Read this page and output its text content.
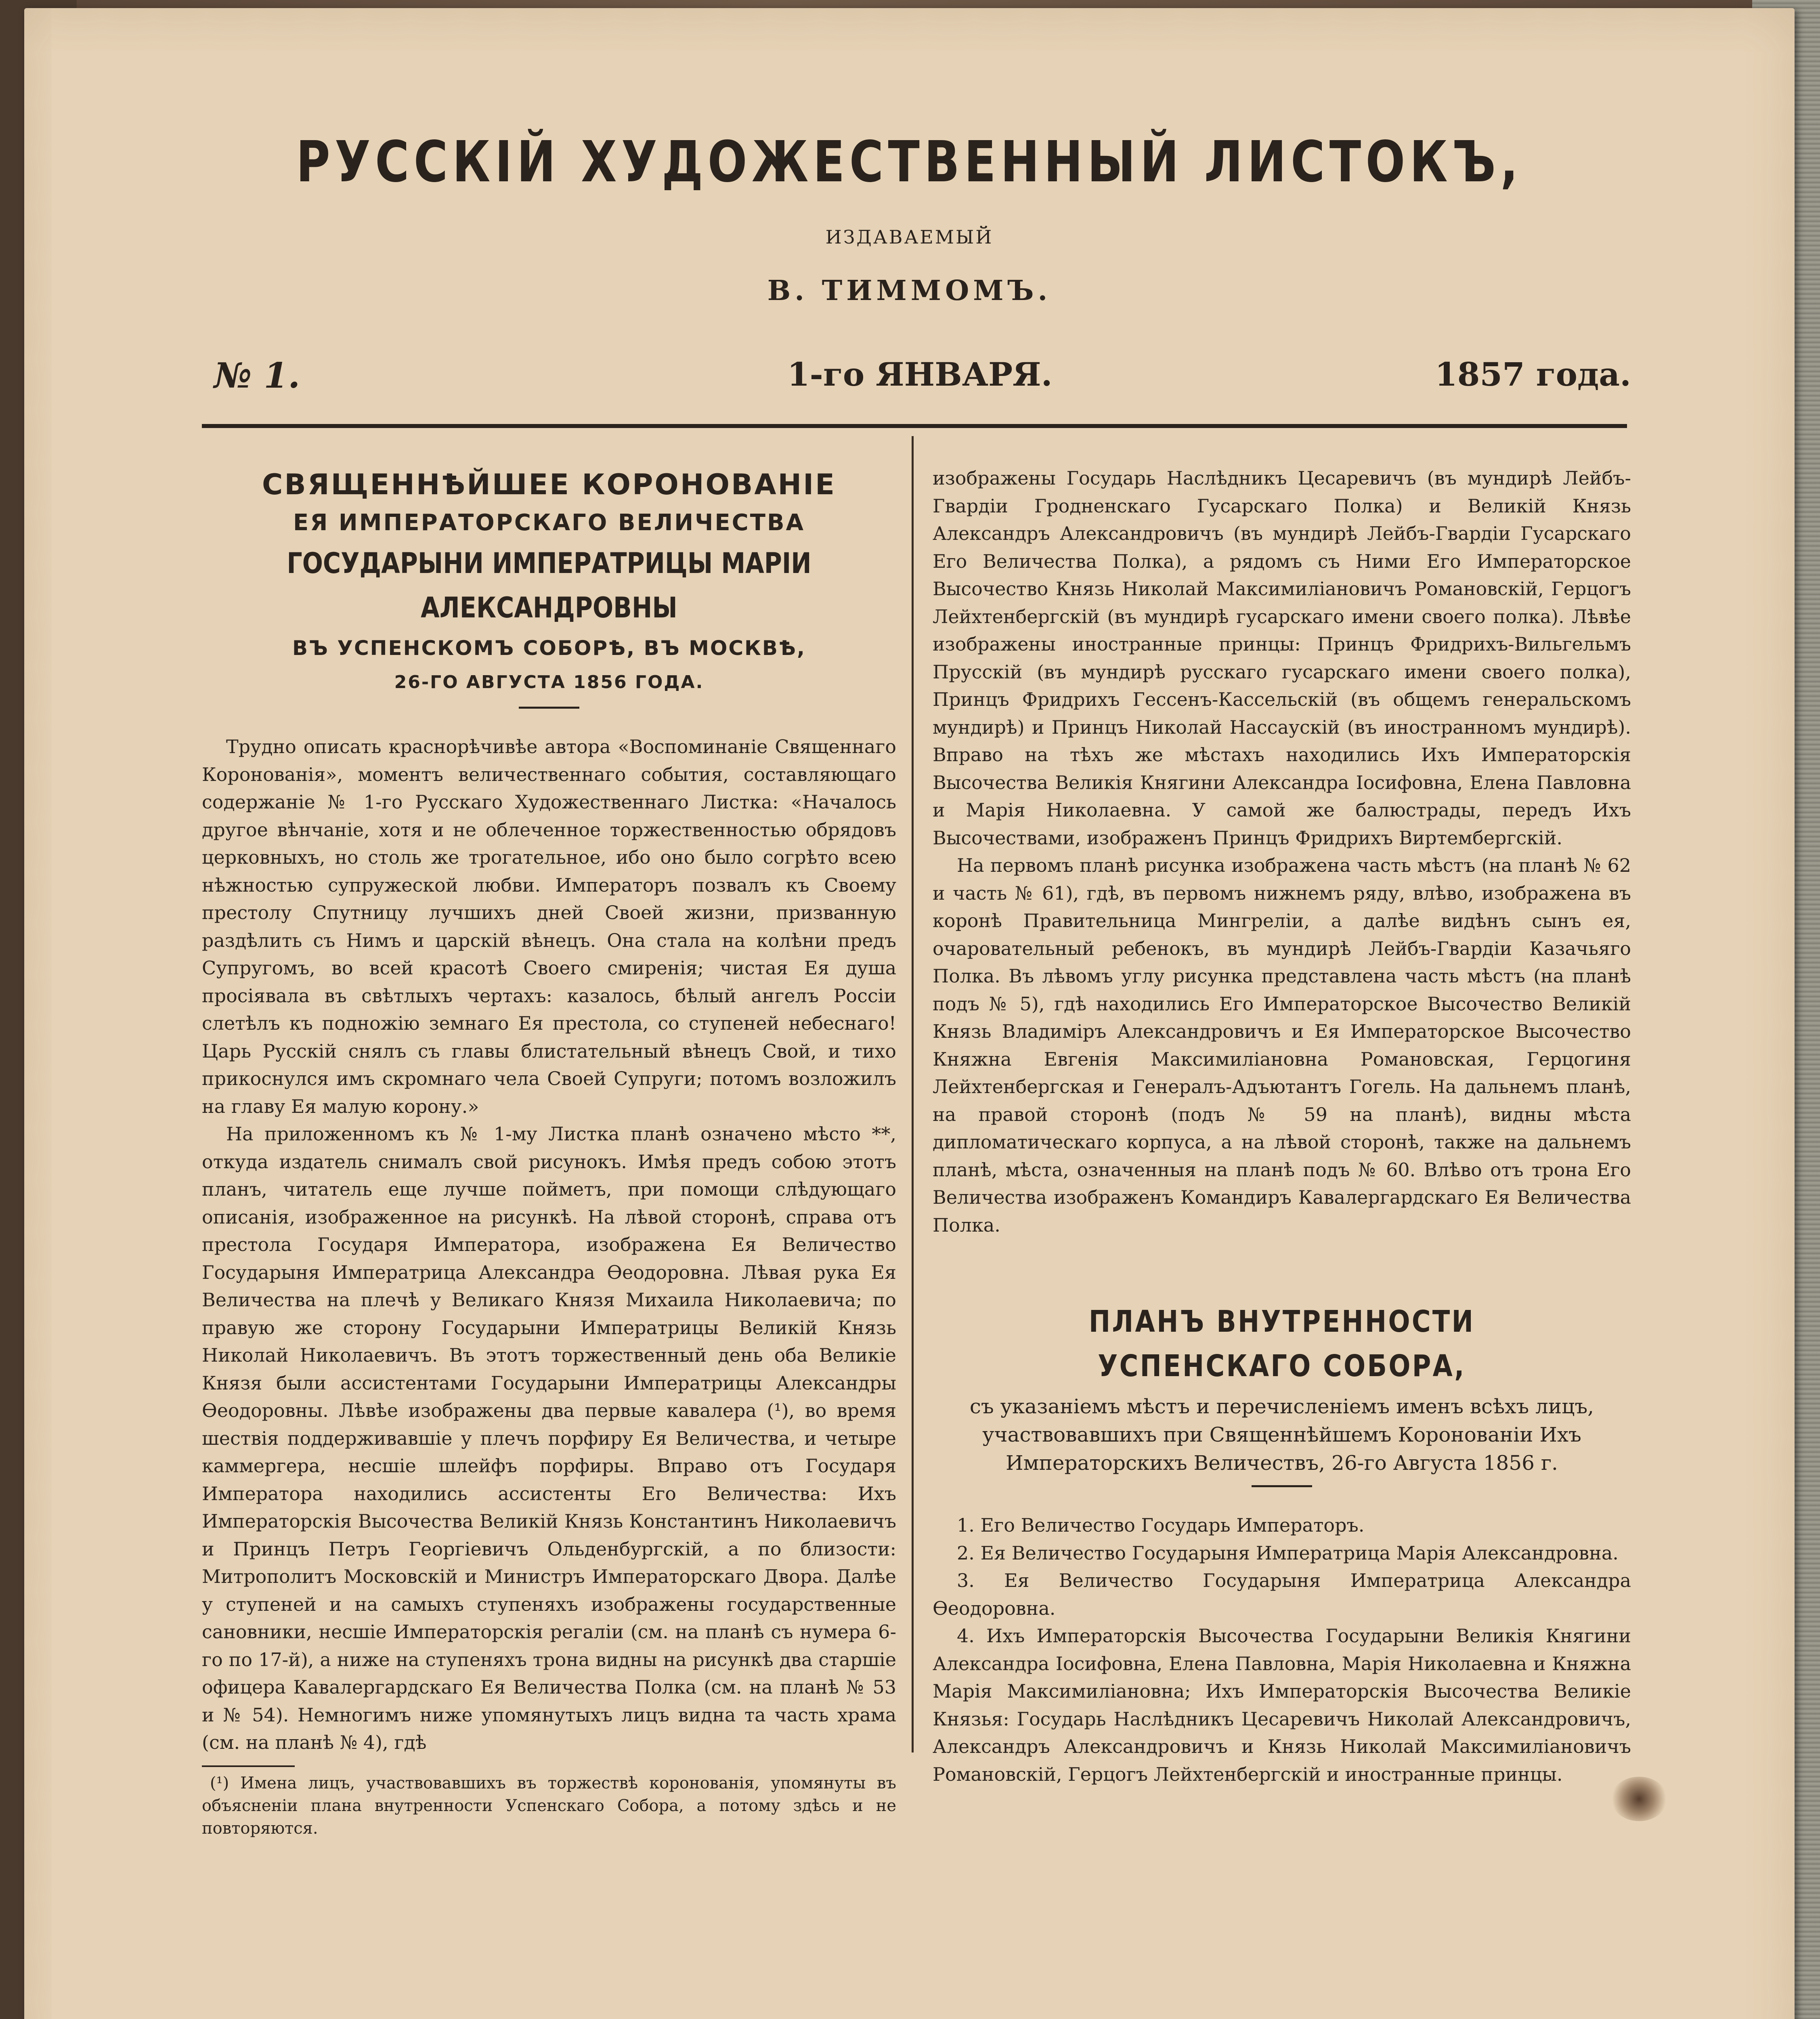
РУССКІЙ ХУДОЖЕСТВЕННЫЙ ЛИСТОКЪ,
ИЗДАВАЕМЫЙ
В. ТИММОМЪ.
№ 1.	1-го ЯНВАРЯ.	1857 года.
СВЯЩЕННѢЙШЕЕ КОРОНОВАНІЕ
ЕЯ ИМПЕРАТОРСКАГО ВЕЛИЧЕСТВА
ГОСУДАРЫНИ ИМПЕРАТРИЦЫ МАРІИ АЛЕКСАНДРОВНЫ
ВЪ УСПЕНСКОМЪ СОБОРѢ, ВЪ МОСКВѢ,
26-ГО АВГУСТА 1856 ГОДА.

Трудно описать краснорѣчивѣе автора «Воспоминаніе Священнаго Коронованія», моментъ величественнаго события, составляющаго содержаніе № 1-го Русскаго Художественнаго Листка: «Началось другое вѣнчаніе, хотя и не облеченное торжественностью обрядовъ церковныхъ, но столь же трогательное, ибо оно было согрѣто всею нѣжностью супружеской любви. Императоръ позвалъ къ Своему престолу Спутницу лучшихъ дней Своей жизни, призванную раздѣлить съ Нимъ и царскій вѣнецъ. Она стала на колѣни предъ Супругомъ, во всей красотѣ Своего смиренія; чистая Ея душа просіявала въ свѣтлыхъ чертахъ: казалось, бѣлый ангелъ Россіи слетѣлъ къ подножію земнаго Ея престола, со ступеней небеснаго! Царь Русскій снялъ съ главы блистательный вѣнецъ Свой, и тихо прикоснулся имъ скромнаго чела Своей Супруги; потомъ возложилъ на главу Ея малую корону.»

На приложенномъ къ № 1-му Листка планѣ означено мѣсто **, откуда издатель снималъ свой рисунокъ. Имѣя предъ собою этотъ планъ, читатель еще лучше пойметъ, при помощи слѣдующаго описанія, изображенное на рисункѣ. На лѣвой сторонѣ, справа отъ престола Государя Императора, изображена Ея Величество Государыня Императрица Александра Ѳеодоровна. Лѣвая рука Ея Величества на плечѣ у Великаго Князя Михаила Николаевича; по правую же сторону Государыни Императрицы Великій Князь Николай Николаевичъ. Въ этотъ торжественный день оба Великіе Князя были ассистентами Государыни Императрицы Александры Ѳеодоровны. Лѣвѣе изображены два первые кавалера (¹), во время шествія поддерживавшіе у плечъ порфиру Ея Величества, и четыре каммергера, несшіе шлейфъ порфиры. Вправо отъ Государя Императора находились ассистенты Его Величества: Ихъ Императорскія Высочества Великій Князь Константинъ Николаевичъ и Принцъ Петръ Георгіевичъ Ольденбургскій, а по близости: Митрополитъ Московскій и Министръ Императорскаго Двора. Далѣе у ступеней и на самыхъ ступеняхъ изображены государственные сановники, несшіе Императорскія регаліи (см. на планѣ съ нумера 6-го по 17-й), а ниже на ступеняхъ трона видны на рисункѣ два старшіе офицера Кавалергардскаго Ея Величества Полка (см. на планѣ № 53 и № 54). Немногимъ ниже упомянутыхъ лицъ видна та часть храма (см. на планѣ № 4), гдѣ

(¹) Имена лицъ, участвовавшихъ въ торжествѣ коронованія, упомянуты въ объясненіи плана внутренности Успенскаго Собора, а потому здѣсь и не повторяются.

изображены Государь Наслѣдникъ Цесаревичъ (въ мундирѣ Лейбъ-Гвардіи Гродненскаго Гусарскаго Полка) и Великій Князь Александръ Александровичъ (въ мундирѣ Лейбъ-Гвардіи Гусарскаго Его Величества Полка), а рядомъ съ Ними Его Императорское Высочество Князь Николай Максимиліановичъ Романовскій, Герцогъ Лейхтенбергскій (въ мундирѣ гусарскаго имени своего полка). Лѣвѣе изображены иностранные принцы: Принцъ Фридрихъ-Вильгельмъ Прусскій (въ мундирѣ русскаго гусарскаго имени своего полка), Принцъ Фридрихъ Гессенъ-Кассельскій (въ общемъ генеральскомъ мундирѣ) и Принцъ Николай Нассаускій (въ иностранномъ мундирѣ). Вправо на тѣхъ же мѣстахъ находились Ихъ Императорскія Высочества Великія Княгини Александра Іосифовна, Елена Павловна и Марія Николаевна. У самой же балюстрады, передъ Ихъ Высочествами, изображенъ Принцъ Фридрихъ Виртембергскій.

На первомъ планѣ рисунка изображена часть мѣстъ (на планѣ № 62 и часть № 61), гдѣ, въ первомъ нижнемъ ряду, влѣво, изображена въ коронѣ Правительница Мингреліи, а далѣе видѣнъ сынъ ея, очаровательный ребенокъ, въ мундирѣ Лейбъ-Гвардіи Казачьяго Полка. Въ лѣвомъ углу рисунка представлена часть мѣстъ (на планѣ подъ № 5), гдѣ находились Его Императорское Высочество Великій Князь Владиміръ Александровичъ и Ея Императорское Высочество Княжна Евгенія Максимиліановна Романовская, Герцогиня Лейхтенбергская и Генералъ-Адъютантъ Гогель. На дальнемъ планѣ, на правой сторонѣ (подъ № 59 на планѣ), видны мѣста дипломатическаго корпуса, а на лѣвой сторонѣ, также на дальнемъ планѣ, мѣста, означенныя на планѣ подъ № 60. Влѣво отъ трона Его Величества изображенъ Командиръ Кавалергардскаго Ея Величества Полка.

ПЛАНЪ ВНУТРЕННОСТИ УСПЕНСКАГО СОБОРА,
съ указаніемъ мѣстъ и перечисленіемъ именъ всѣхъ лицъ, участвовавшихъ при Священнѣйшемъ Коронованіи Ихъ Императорскихъ Величествъ, 26-го Августа 1856 г.

1. Его Величество Государь Императоръ.

2. Ея Величество Государыня Императрица Марія Александровна.

3. Ея Величество Государыня Императрица Александра Ѳеодоровна.

4. Ихъ Императорскія Высочества Государыни Великія Княгини Александра Іосифовна, Елена Павловна, Марія Николаевна и Княжна Марія Максимиліановна; Ихъ Императорскія Высочества Великіе Князья: Государь Наслѣдникъ Цесаревичъ Николай Александровичъ, Александръ Александровичъ и Князь Николай Максимиліановичъ Романовскій, Герцогъ Лейхтенбергскій и иностранные принцы.
